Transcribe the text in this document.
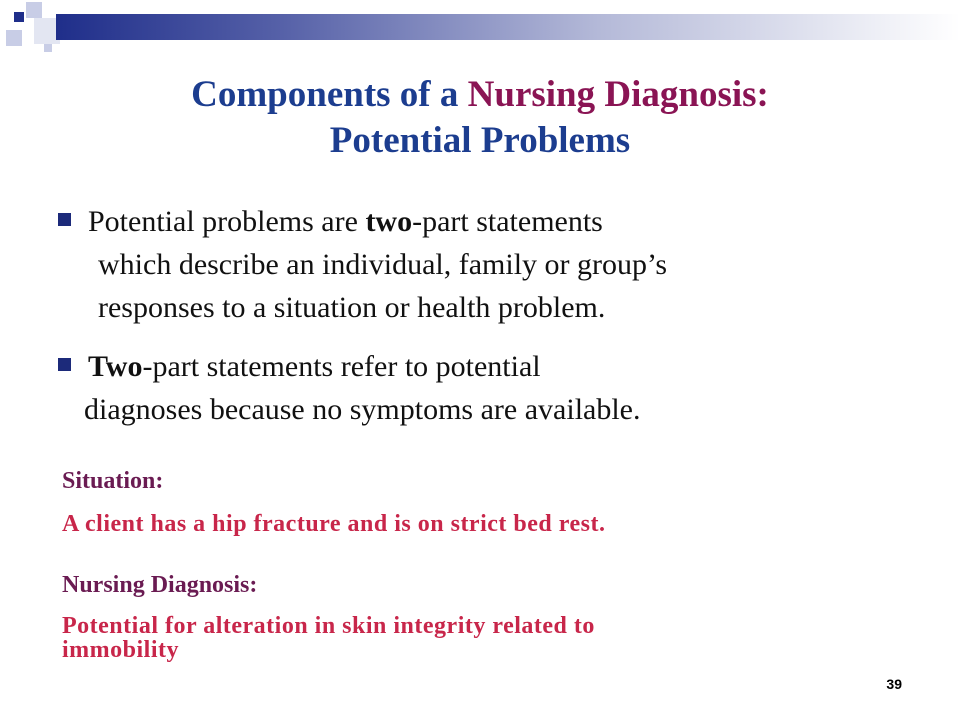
Components of a Nursing Diagnosis:
Potential Problems
Potential problems are two-part statements
which describe an individual, family or group’s
responses to a situation or health problem.
Two-part statements refer to potential
diagnoses because no symptoms are available.
Situation:
A client has a hip fracture and is on strict bed rest.
Nursing Diagnosis:
Potential for alteration in skin integrity related to
immobility
39
